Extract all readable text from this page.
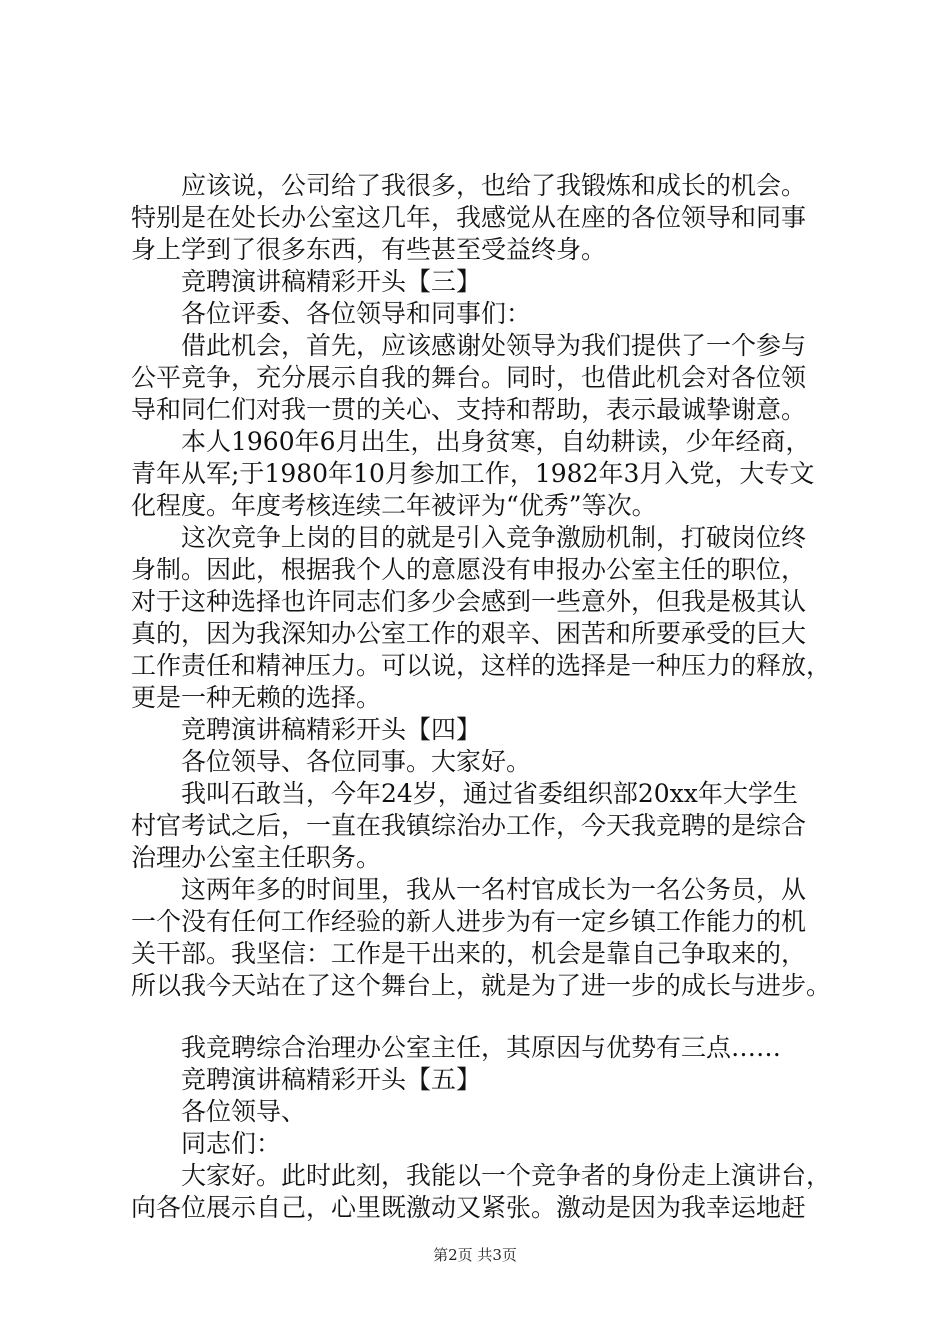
应该说，公司给了我很多，也给了我锻炼和成长的机会。
特别是在处长办公室这几年，我感觉从在座的各位领导和同事
身上学到了很多东西，有些甚至受益终身。
竞聘演讲稿精彩开头【三】
各位评委、各位领导和同事们：
借此机会，首先，应该感谢处领导为我们提供了一个参与
公平竞争，充分展示自我的舞台。同时，也借此机会对各位领
导和同仁们对我一贯的关心、支持和帮助，表示最诚挚谢意。
本人1960年6月出生，出身贫寒，自幼耕读，少年经商，
青年从军;于1980年10月参加工作，1982年3月入党，大专文
化程度。年度考核连续二年被评为“优秀”等次。
这次竞争上岗的目的就是引入竞争激励机制，打破岗位终
身制。因此，根据我个人的意愿没有申报办公室主任的职位，
对于这种选择也许同志们多少会感到一些意外，但我是极其认
真的，因为我深知办公室工作的艰辛、困苦和所要承受的巨大
工作责任和精神压力。可以说，这样的选择是一种压力的释放，
更是一种无赖的选择。
竞聘演讲稿精彩开头【四】
各位领导、各位同事。大家好。
我叫石敢当，今年24岁，通过省委组织部20xx年大学生
村官考试之后，一直在我镇综治办工作，今天我竞聘的是综合
治理办公室主任职务。
这两年多的时间里，我从一名村官成长为一名公务员，从
一个没有任何工作经验的新人进步为有一定乡镇工作能力的机
关干部。我坚信：工作是干出来的，机会是靠自己争取来的，
所以我今天站在了这个舞台上，就是为了进一步的成长与进步。
我竞聘综合治理办公室主任，其原因与优势有三点……
竞聘演讲稿精彩开头【五】
各位领导、
同志们：
大家好。此时此刻，我能以一个竞争者的身份走上演讲台，
向各位展示自己，心里既激动又紧张。激动是因为我幸运地赶
第2页 共3页
